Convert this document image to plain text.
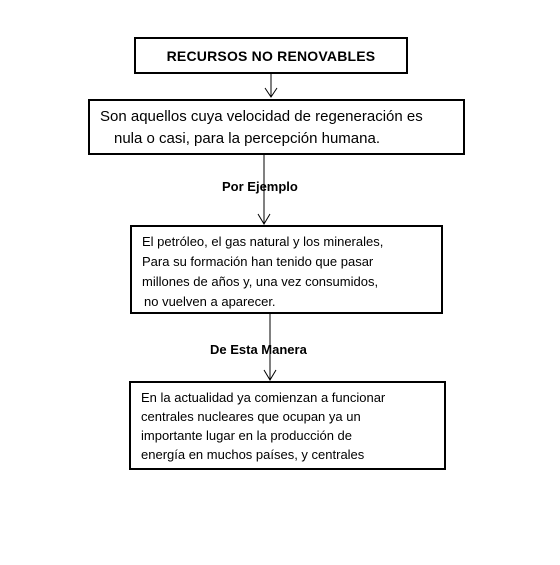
RECURSOS NO RENOVABLES
Son aquellos cuya velocidad de regeneración es
nula o casi, para la percepción humana.
Por Ejemplo
El petróleo, el gas natural y los minerales,
Para su formación han tenido que pasar
millones de años y, una vez consumidos,
no vuelven a aparecer.
De Esta Manera
En la actualidad ya comienzan a funcionar
centrales nucleares que ocupan ya un
importante lugar en la producción de
energía en muchos países, y centrales
